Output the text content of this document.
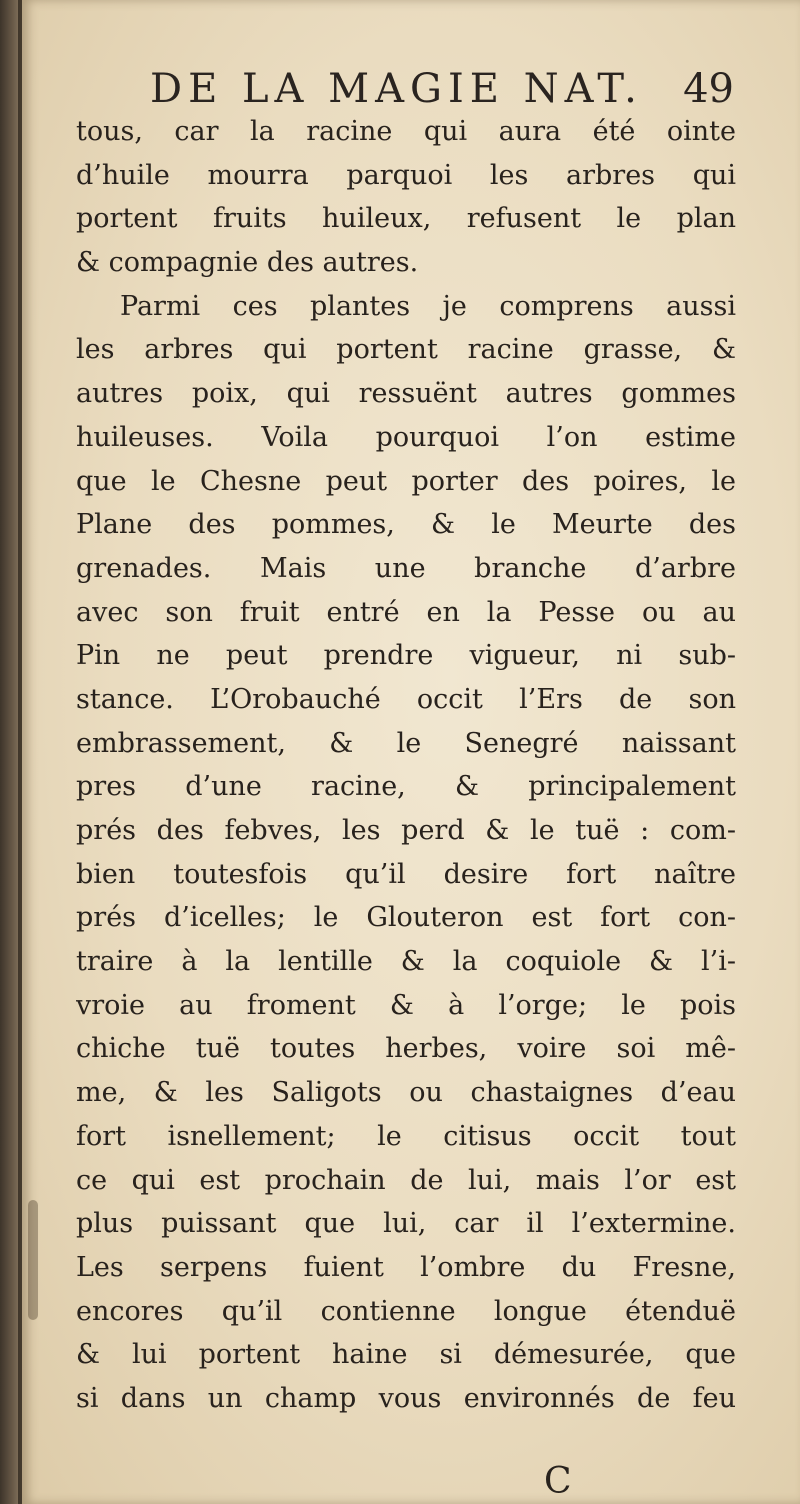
DE LA MAGIE NAT. 49
tous, car la racine qui aura été ointe
d’huile mourra parquoi les arbres qui
portent fruits huileux, refusent le plan
& compagnie des autres.
Parmi ces plantes je comprens aussi
les arbres qui portent racine grasse, &
autres poix, qui ressuënt autres gommes
huileuses. Voila pourquoi l’on estime
que le Chesne peut porter des poires, le
Plane des pommes, & le Meurte des
grenades. Mais une branche d’arbre
avec son fruit entré en la Pesse ou au
Pin ne peut prendre vigueur, ni sub-
stance. L’Orobauché occit l’Ers de son
embrassement, & le Senegré naissant
pres d’une racine, & principalement
prés des febves, les perd & le tuë : com-
bien toutesfois qu’il desire fort naître
prés d’icelles; le Glouteron est fort con-
traire à la lentille & la coquiole & l’i-
vroie au froment & à l’orge; le pois
chiche tuë toutes herbes, voire soi mê-
me, & les Saligots ou chastaignes d’eau
fort isnellement; le citisus occit tout
ce qui est prochain de lui, mais l’or est
plus puissant que lui, car il l’extermine.
Les serpens fuient l’ombre du Fresne,
encores qu’il contienne longue étenduë
& lui portent haine si démesurée, que
si dans un champ vous environnés de feu
C
